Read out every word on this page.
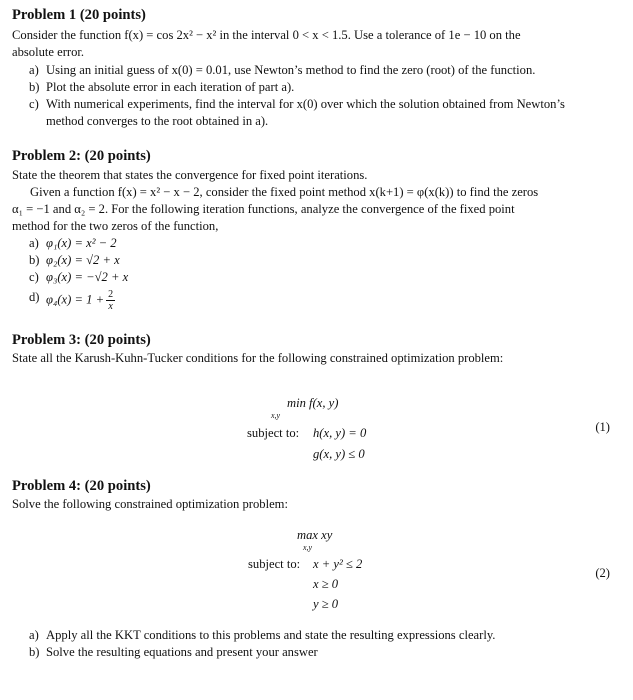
Problem 1 (20 points)

Consider the function f(x) = cos 2x² − x² in the interval 0 < x < 1.5. Use a tolerance of 1e − 10 on the

absolute error.

a) Using an initial guess of x(0) = 0.01, use Newton’s method to find the zero (root) of the function.
b) Plot the absolute error in each iteration of part a).
c) With numerical experiments, find the interval for x(0) over which the solution obtained from Newton’s
method converges to the root obtained in a).
Problem 2: (20 points)

State the theorem that states the convergence for fixed point iterations.

Given a function f(x) = x² − x − 2, consider the fixed point method x(k+1) = φ(x(k)) to find the zeros

α₁ = −1 and α₂ = 2. For the following iteration functions, analyze the convergence of the fixed point

method for the two zeros of the function,

a) φ₁(x) = x² − 2
b) φ₂(x) = √2 + x
c) φ₃(x) = −√2 + x
d) $\varphi_4(x) = 1 + \frac{2}{x}$
Problem 3: (20 points)

State all the Karush-Kuhn-Tucker conditions for the following constrained optimization problem:

min f(x, y)
x,y
subject to: h(x, y) = 0
g(x, y) ≤ 0
(1)
Problem 4: (20 points)

Solve the following constrained optimization problem:

max xy
x,y
subject to: x + y² ≤ 2
x ≥ 0
y ≥ 0
(2)
a) Apply all the KKT conditions to this problems and state the resulting expressions clearly.
b) Solve the resulting equations and present your answer
